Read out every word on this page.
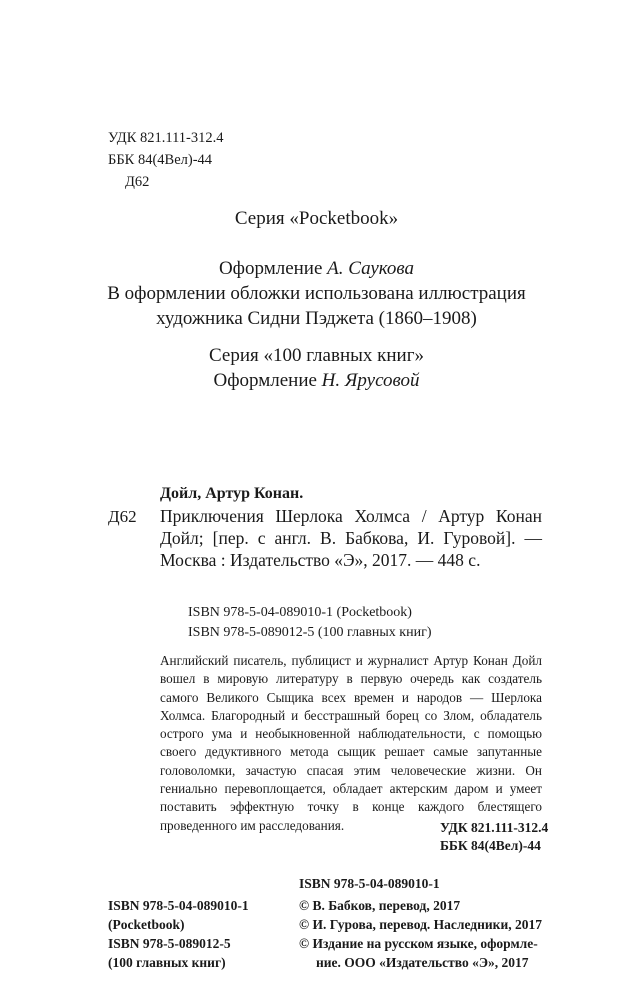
УДК 821.111-312.4

ББК 84(4Вел)-44

Д62

Серия «Pocketbook»

Оформление А. Саукова

В оформлении обложки использована иллюстрация

художника Сидни Пэджета (1860–1908)

Серия «100 главных книг»

Оформление Н. Ярусовой

Дойл, Артур Конан.

Д62 Приключения Шерлока Холмса / Артур Конан Дойл; [пер. с англ. В. Бабкова, И. Гуровой]. — Москва : Издательство «Э», 2017. — 448 с.

ISBN 978-5-04-089010-1 (Pocketbook)

ISBN 978-5-089012-5 (100 главных книг)

Английский писатель, публицист и журналист Артур Конан Дойл вошел в мировую литературу в первую очередь как создатель самого Великого Сыщика всех времен и народов — Шерлока Холмса. Благородный и бесстрашный борец со Злом, обладатель острого ума и необыкновенной наблюдательности, с помощью своего дедуктивного метода сыщик решает самые запутанные головоломки, зачастую спасая этим человеческие жизни. Он гениально перевоплощается, обладает актерским даром и умеет поставить эффектную точку в конце каждого блестящего проведенного им расследования.	УДК 821.111-312.4

ББК 84(4Вел)-44

ISBN 978-5-04-089010-1

ISBN 978-5-04-089010-1

(Pocketbook)

ISBN 978-5-089012-5

(100 главных книг)

© В. Бабков, перевод, 2017

© И. Гурова, перевод. Наследники, 2017

© Издание на русском языке, оформле-

ние. ООО «Издательство «Э», 2017
